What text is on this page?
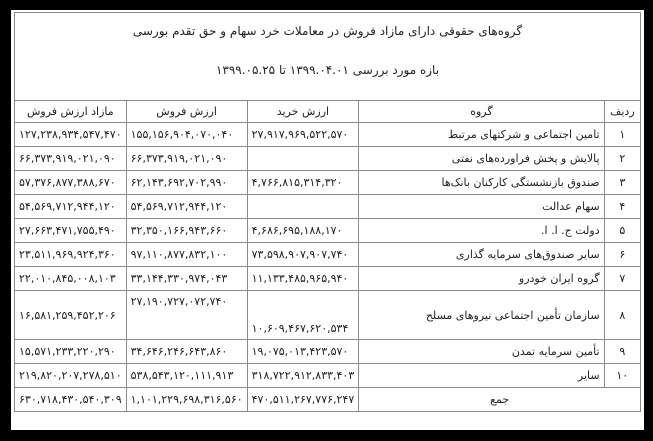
گروه‌های حقوقی دارای مازاد فروش در معاملات خرد سهام و حق تقدم بورسی
بازه مورد بررسی ۱۳۹۹.۰۴.۰۱ تا ۱۳۹۹.۰۵.۲۵				

ردیف	گروه	ارزش خرید	ارزش فروش	مازاد ارزش فروش
۱	تامین اجتماعی و شرکتهای مرتبط	۲۷,۹۱۷,۹۶۹,۵۲۲,۵۷۰	۱۵۵,۱۵۶,۹۰۴,۰۷۰,۰۴۰	۱۲۷,۲۳۸,۹۳۴,۵۴۷,۴۷۰
۲	پالایش و پخش فراورده‌های نفتی		۶۶,۳۷۳,۹۱۹,۰۲۱,۰۹۰	۶۶,۳۷۳,۹۱۹,۰۲۱,۰۹۰
۳	صندوق بازنشستگی کارکنان بانک‌ها	۴,۷۶۶,۸۱۵,۳۱۴,۳۲۰	۶۲,۱۴۳,۶۹۲,۷۰۲,۹۹۰	۵۷,۳۷۶,۸۷۷,۳۸۸,۶۷۰
۴	سهام عدالت		۵۴,۵۶۹,۷۱۲,۹۴۴,۱۲۰	۵۴,۵۶۹,۷۱۲,۹۴۴,۱۲۰
۵	دولت ج. ا. ا.	۴,۶۸۶,۶۹۵,۱۸۸,۱۷۰	۳۲,۳۵۰,۱۶۶,۹۴۳,۶۶۰	۲۷,۶۶۳,۴۷۱,۷۵۵,۴۹۰
۶	سایر صندوق‌های سرمایه گذاری	۷۳,۵۹۸,۹۰۷,۹۰۷,۷۴۰	۹۷,۱۱۰,۸۷۷,۸۳۲,۱۰۰	۲۳,۵۱۱,۹۶۹,۹۲۴,۳۶۰
۷	گروه ایران خودرو	۱۱,۱۳۳,۴۸۵,۹۶۵,۹۴۰	۳۳,۱۴۴,۳۳۰,۹۷۴,۰۴۳	۲۲,۰۱۰,۸۴۵,۰۰۸,۱۰۳
۸	سازمان تأمین اجتماعی نیروهای مسلح	۱۰,۶۰۹,۴۶۷,۶۲۰,۵۳۴	۲۷,۱۹۰,۷۲۷,۰۷۲,۷۴۰	۱۶,۵۸۱,۲۵۹,۴۵۲,۲۰۶
۹	تأمین سرمایه تمدن	۱۹,۰۷۵,۰۱۳,۴۲۳,۵۷۰	۳۴,۶۴۶,۲۴۶,۶۴۳,۸۶۰	۱۵,۵۷۱,۲۳۳,۲۲۰,۲۹۰
۱۰	سایر	۳۱۸,۷۲۲,۹۱۲,۸۳۳,۴۰۳	۵۳۸,۵۴۳,۱۲۰,۱۱۱,۹۱۳	۲۱۹,۸۲۰,۲۰۷,۲۷۸,۵۱۰
جمع		۴۷۰,۵۱۱,۲۶۷,۷۷۶,۲۴۷	۱,۱۰۱,۲۲۹,۶۹۸,۳۱۶,۵۶۰	۶۳۰,۷۱۸,۴۳۰,۵۴۰,۳۰۹
